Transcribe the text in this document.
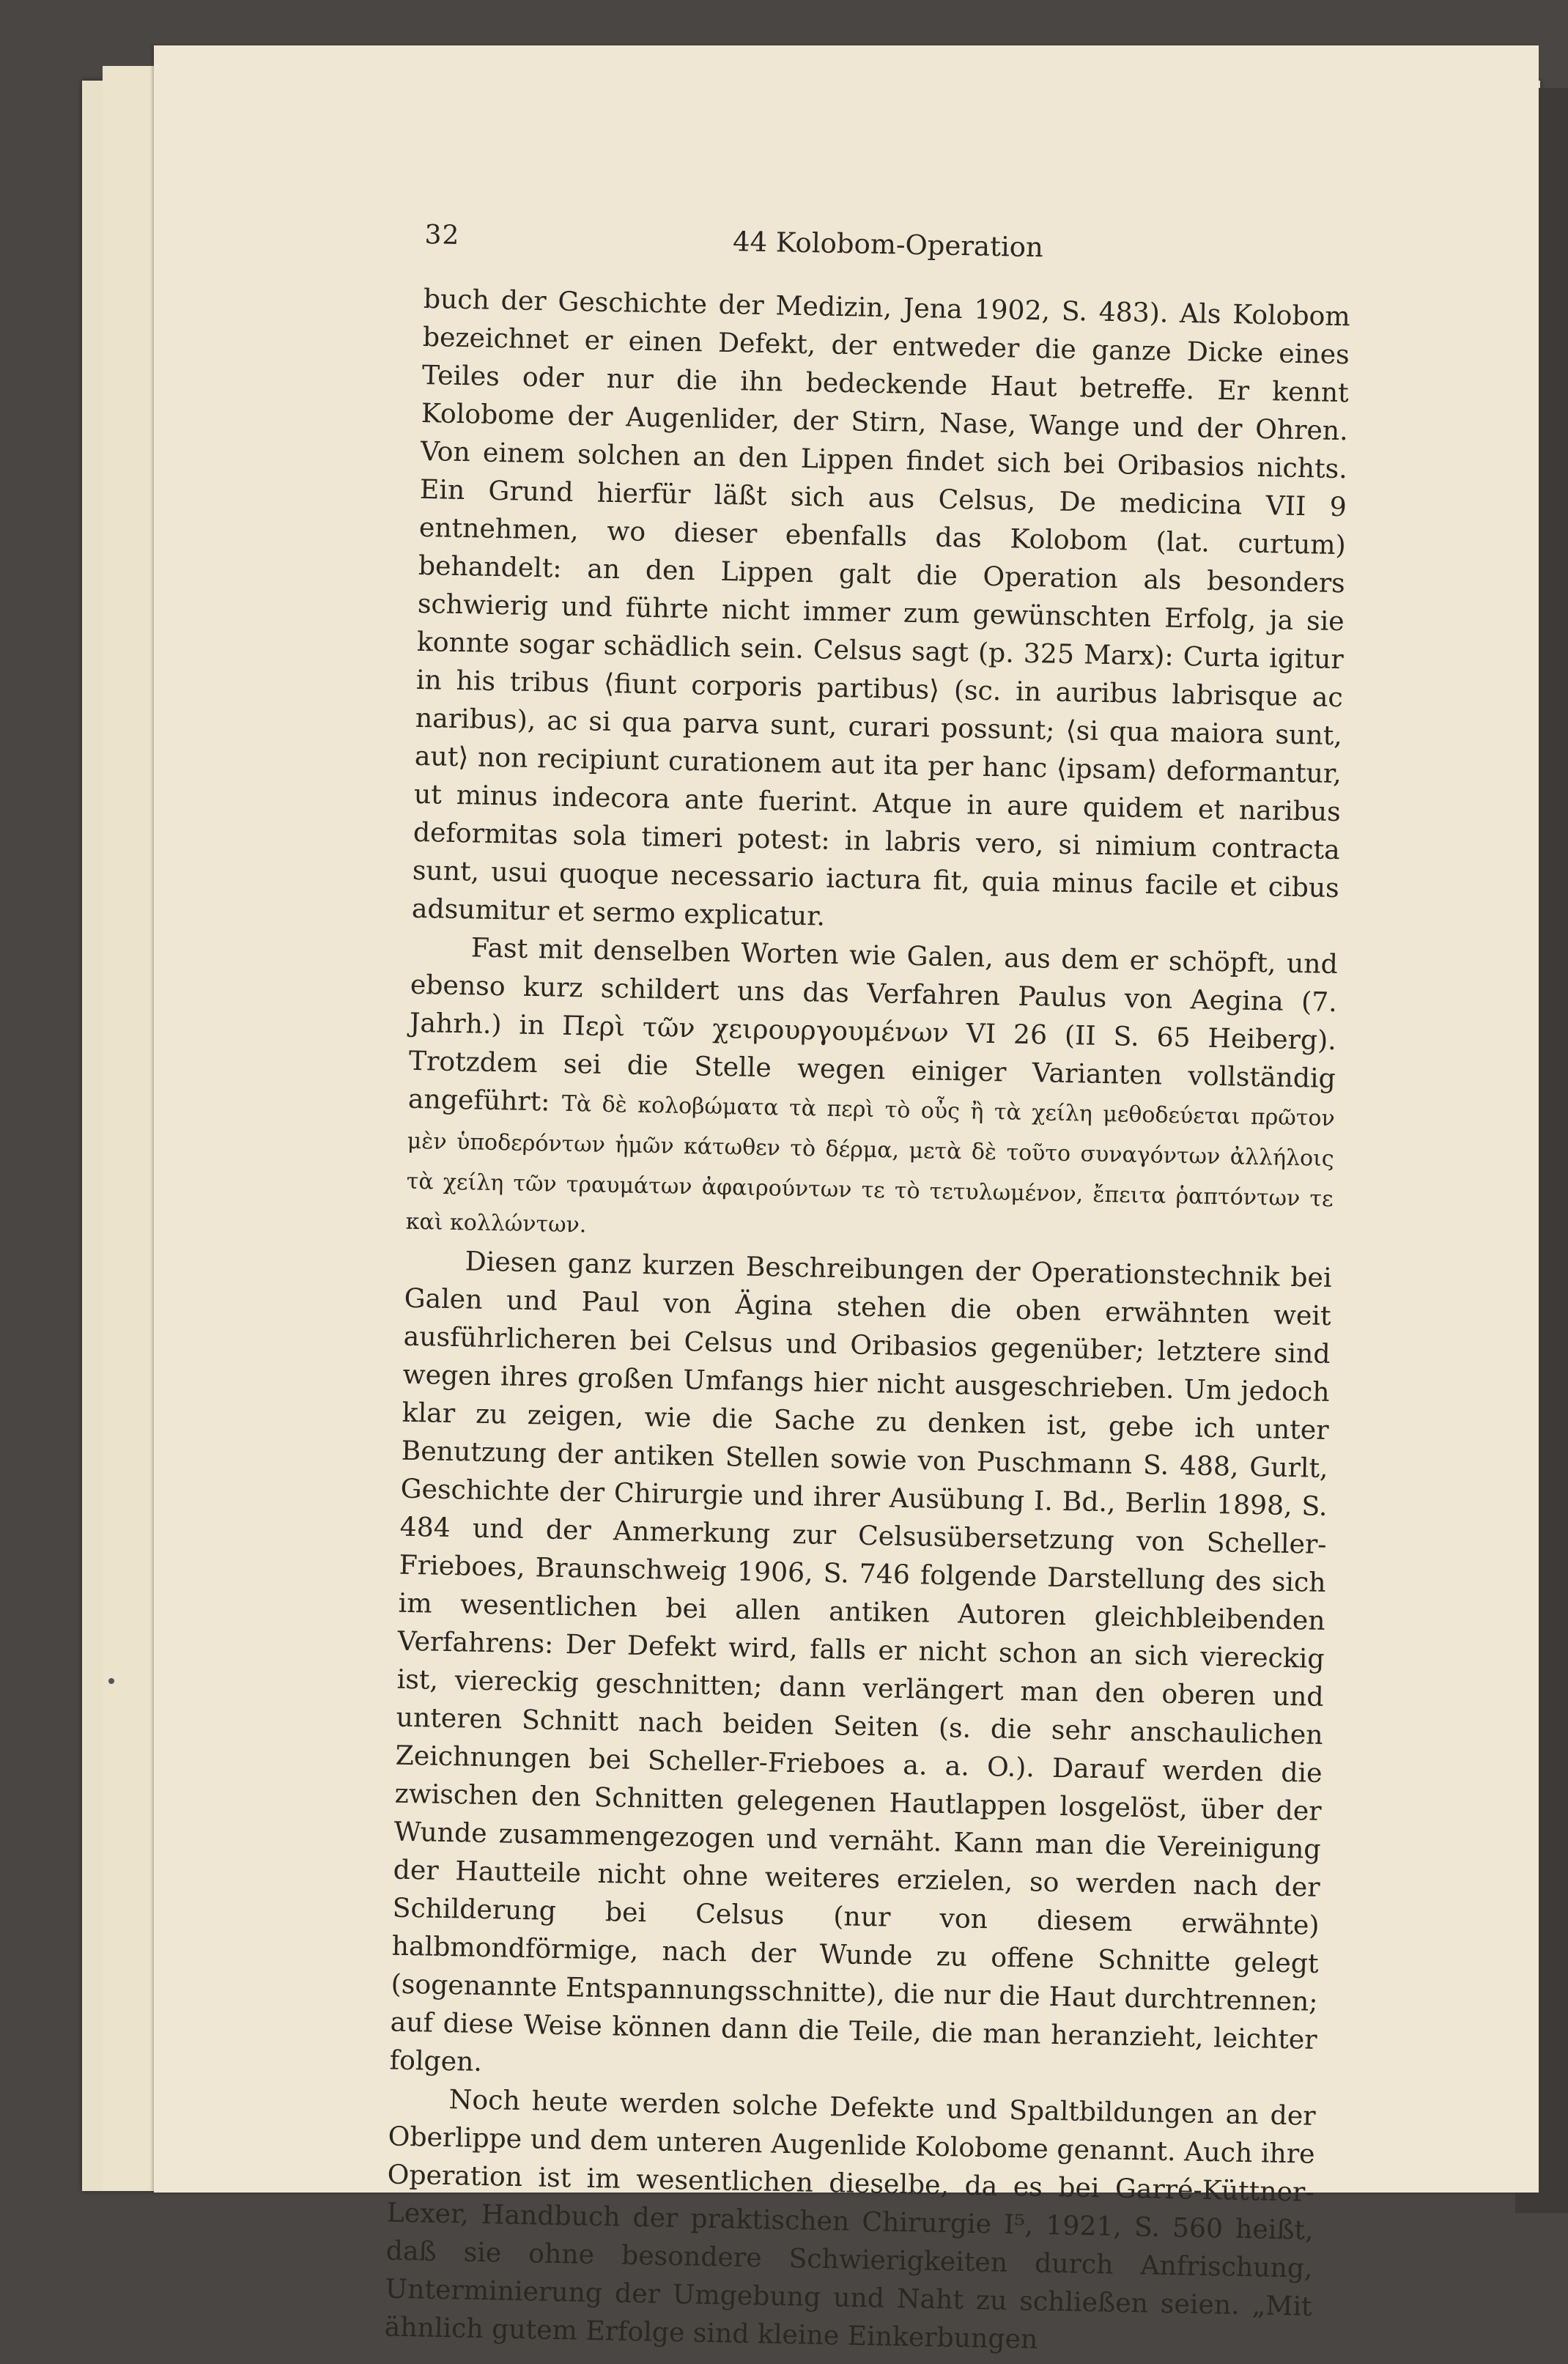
32	44 Kolobom-Operation

buch der Geschichte der Medizin, Jena 1902, S. 483). Als Kolobom bezeichnet er einen Defekt, der entweder die ganze Dicke eines Teiles oder nur die ihn bedeckende Haut betreffe. Er kennt Kolobome der Augenlider, der Stirn, Nase, Wange und der Ohren. Von einem solchen an den Lippen findet sich bei Oribasios nichts. Ein Grund hierfür läßt sich aus Celsus, De medicina VII 9 entnehmen, wo dieser ebenfalls das Kolobom (lat. curtum) behandelt: an den Lippen galt die Operation als besonders schwierig und führte nicht immer zum gewünschten Erfolg, ja sie konnte sogar schädlich sein. Celsus sagt (p. 325 Marx): Curta igitur in his tribus ⟨fiunt corporis partibus⟩ (sc. in auribus labrisque ac naribus), ac si qua parva sunt, curari possunt; ⟨si qua maiora sunt, aut⟩ non recipiunt curationem aut ita per hanc ⟨ipsam⟩ deformantur, ut minus indecora ante fuerint. Atque in aure quidem et naribus deformitas sola timeri potest: in labris vero, si nimium contracta sunt, usui quoque necessario iactura fit, quia minus facile et cibus adsumitur et sermo explicatur.

Fast mit denselben Worten wie Galen, aus dem er schöpft, und ebenso kurz schildert uns das Verfahren Paulus von Aegina (7. Jahrh.) in Περὶ τῶν χειρουργουμένων VI 26 (II S. 65 Heiberg). Trotzdem sei die Stelle wegen einiger Varianten vollständig angeführt: Τὰ δὲ κολοβώματα τὰ περὶ τὸ οὖς ἢ τὰ χείλη μεθοδεύεται πρῶτον μὲν ὑποδερόντων ἡμῶν κάτωθεν τὸ δέρμα, μετὰ δὲ τοῦτο συναγόντων ἀλλήλοις τὰ χείλη τῶν τραυμάτων ἀφαιρούντων τε τὸ τετυλωμένον, ἔπειτα ῥαπτόντων τε καὶ κολλώντων.

Diesen ganz kurzen Beschreibungen der Operationstechnik bei Galen und Paul von Ägina stehen die oben erwähnten weit ausführlicheren bei Celsus und Oribasios gegenüber; letztere sind wegen ihres großen Umfangs hier nicht ausgeschrieben. Um jedoch klar zu zeigen, wie die Sache zu denken ist, gebe ich unter Benutzung der antiken Stellen sowie von Puschmann S. 488, Gurlt, Geschichte der Chirurgie und ihrer Ausübung I. Bd., Berlin 1898, S. 484 und der Anmerkung zur Celsusübersetzung von Scheller-Frieboes, Braunschweig 1906, S. 746 folgende Darstellung des sich im wesentlichen bei allen antiken Autoren gleichbleibenden Verfahrens: Der Defekt wird, falls er nicht schon an sich viereckig ist, viereckig geschnitten; dann verlängert man den oberen und unteren Schnitt nach beiden Seiten (s. die sehr anschaulichen Zeichnungen bei Scheller-Frieboes a. a. O.). Darauf werden die zwischen den Schnitten gelegenen Hautlappen losgelöst, über der Wunde zusammengezogen und vernäht. Kann man die Vereinigung der Hautteile nicht ohne weiteres erzielen, so werden nach der Schilderung bei Celsus (nur von diesem erwähnte) halbmondförmige, nach der Wunde zu offene Schnitte gelegt (sogenannte Entspannungsschnitte), die nur die Haut durchtrennen; auf diese Weise können dann die Teile, die man heranzieht, leichter folgen.

Noch heute werden solche Defekte und Spaltbildungen an der Oberlippe und dem unteren Augenlide Kolobome genannt. Auch ihre Operation ist im wesentlichen dieselbe, da es bei Garré-Küttner-Lexer, Handbuch der praktischen Chirurgie I⁵, 1921, S. 560 heißt, daß sie ohne besondere Schwierigkeiten durch Anfrischung, Unterminierung der Umgebung und Naht zu schließen seien. „Mit ähnlich gutem Erfolge sind kleine Einkerbungen
